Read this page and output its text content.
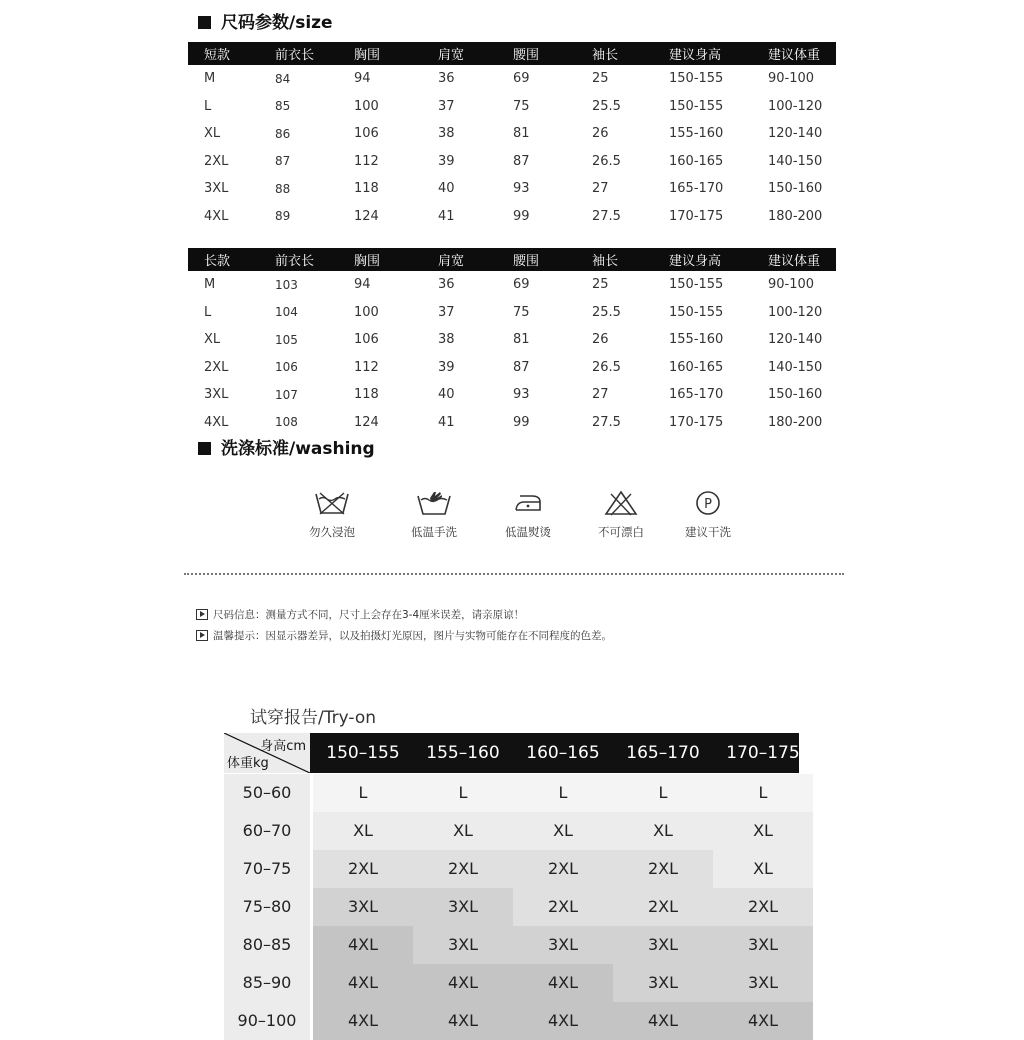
尺码参数/size
短款	前衣长	胸围	肩宽	腰围	袖长	建议身高	建议体重
M	84	94	36	69	25	150-155	90-100
L	85	100	37	75	25.5	150-155	100-120
XL	86	106	38	81	26	155-160	120-140
2XL	87	112	39	87	26.5	160-165	140-150
3XL	88	118	40	93	27	165-170	150-160
4XL	89	124	41	99	27.5	170-175	180-200
长款	前衣长	胸围	肩宽	腰围	袖长	建议身高	建议体重
M	103	94	36	69	25	150-155	90-100
L	104	100	37	75	25.5	150-155	100-120
XL	105	106	38	81	26	155-160	120-140
2XL	106	112	39	87	26.5	160-165	140-150
3XL	107	118	40	93	27	165-170	150-160
4XL	108	124	41	99	27.5	170-175	180-200
洗涤标准/washing
勿久浸泡	低温手洗	低温熨烫	不可漂白
P
建议干洗
尺码信息：测量方式不同，尺寸上会存在3-4厘米误差，请亲原谅！
温馨提示：因显示器差异，以及拍摄灯光原因，图片与实物可能存在不同程度的色差。
试穿报告/Try-on
身高cm
体重kg
150–155	155–160	160–165	165–170	170–175
50–60	L	L	L	L	L
60–70	XL	XL	XL	XL	XL
70–75	2XL	2XL	2XL	2XL	XL
75–80	3XL	3XL	2XL	2XL	2XL
80–85	4XL	3XL	3XL	3XL	3XL
85–90	4XL	4XL	4XL	3XL	3XL
90–100	4XL	4XL	4XL	4XL	4XL
